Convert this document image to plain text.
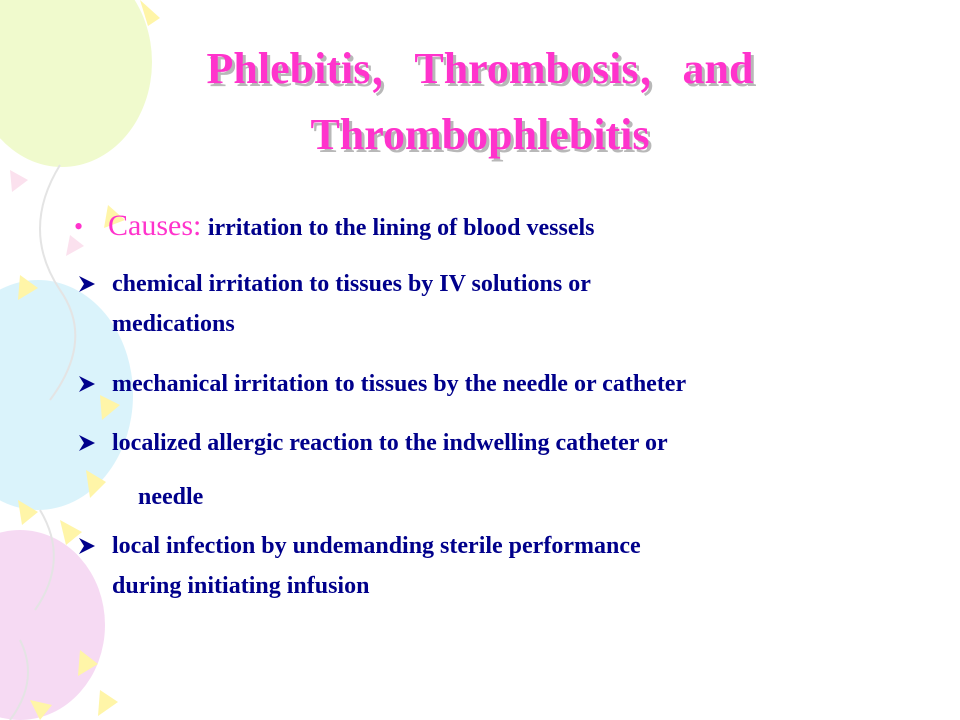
Phlebitis，Thrombosis，and
Thrombophlebitis
• Causes: irritation to the lining of blood vessels
chemical irritation to tissues by IV solutions or
medications
mechanical irritation to tissues by the needle or catheter
localized allergic reaction to the indwelling catheter or
needle
local infection by undemanding sterile performance
during initiating infusion
